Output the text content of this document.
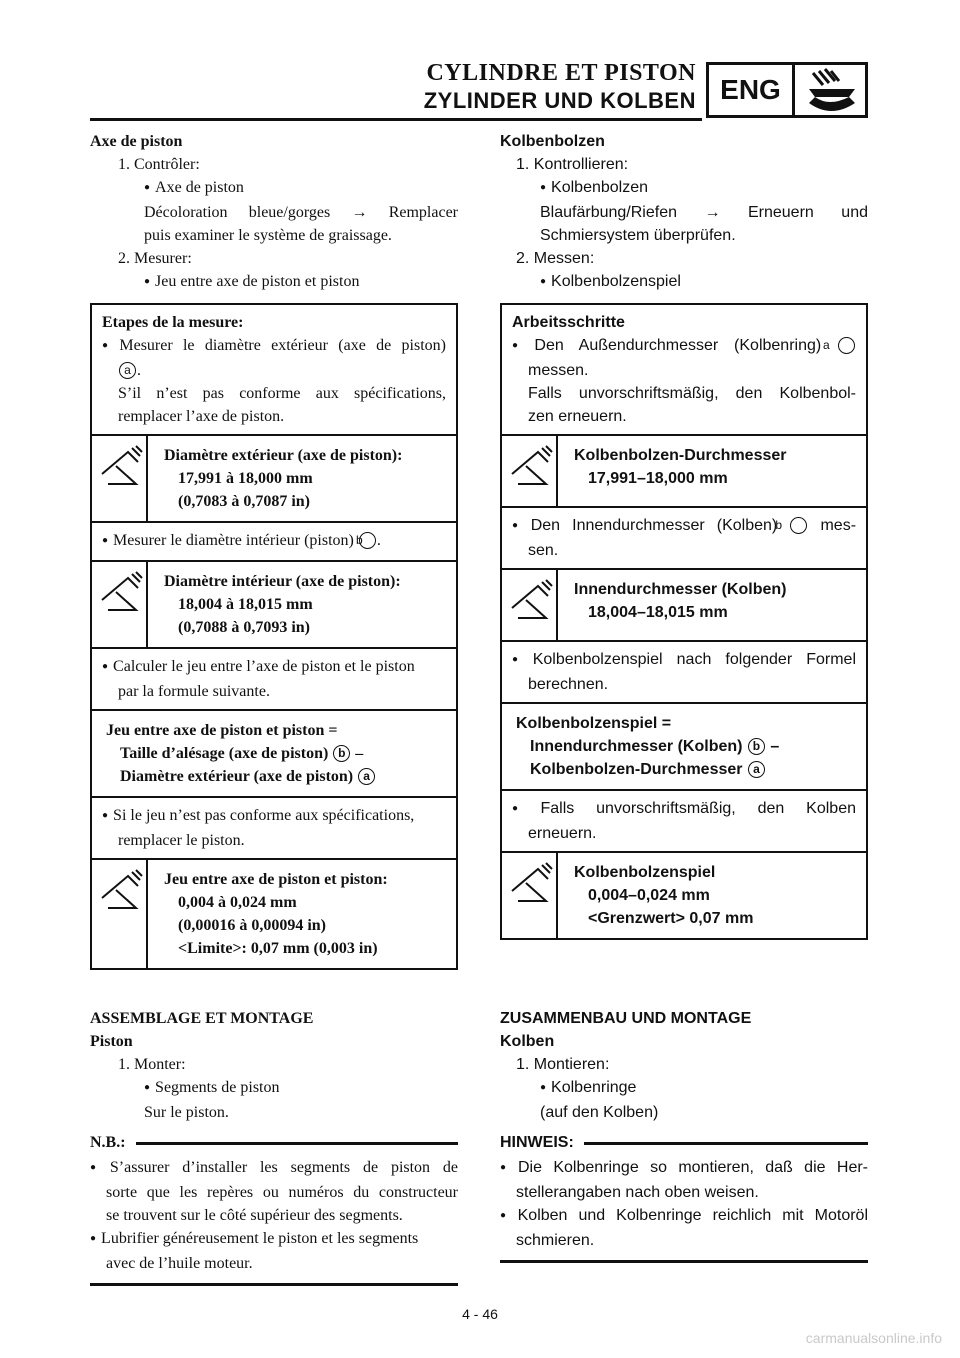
CYLINDRE ET PISTON
ZYLINDER UND KOLBEN ENG
Axe de piston
1. Contrôler:
● Axe de piston
Décoloration bleue/gorges → Remplacer
puis examiner le système de graissage.
2. Mesurer:
● Jeu entre axe de piston et piston
Etapes de la mesure:
● Mesurer le diamètre extérieur (axe de piston)
a .
S’il n’est pas conforme aux spécifications,
remplacer l’axe de piston.
Diamètre extérieur (axe de piston):
17,991 à 18,000 mm
(0,7083 à 0,7087 in)
● Mesurer le diamètre intérieur (piston) b .
Diamètre intérieur (axe de piston):
18,004 à 18,015 mm
(0,7088 à 0,7093 in)
● Calculer le jeu entre l’axe de piston et le piston
par la formule suivante.
Jeu entre axe de piston et piston =
Taille d’alésage (axe de piston) b –
Diamètre extérieur (axe de piston) a
● Si le jeu n’est pas conforme aux spécifications,
remplacer le piston.
Jeu entre axe de piston et piston:
0,004 à 0,024 mm
(0,00016 à 0,00094 in)
<Limite>: 0,07 mm (0,003 in)
ASSEMBLAGE ET MONTAGE
Piston
1. Monter:
● Segments de piston
Sur le piston.
N.B.:
● S’assurer d’installer les segments de piston de
sorte que les repères ou numéros du constructeur
se trouvent sur le côté supérieur des segments.
● Lubrifier généreusement le piston et les segments
avec de l’huile moteur.
Kolbenbolzen
1. Kontrollieren:
● Kolbenbolzen
Blaufärbung/Riefen → Erneuern und
Schmiersystem überprüfen.
2. Messen:
● Kolbenbolzenspiel
Arbeitsschritte
● Den Außendurchmesser (Kolbenring) a
messen.
Falls unvorschriftsmäßig, den Kolbenbol-
zen erneuern.
Kolbenbolzen-Durchmesser
17,991–18,000 mm
● Den Innendurchmesser (Kolben) b mes-
sen.
Innendurchmesser (Kolben)
18,004–18,015 mm
● Kolbenbolzenspiel nach folgender Formel
berechnen.
Kolbenbolzenspiel =
Innendurchmesser (Kolben) b –
Kolbenbolzen-Durchmesser a
● Falls unvorschriftsmäßig, den Kolben
erneuern.
Kolbenbolzenspiel
0,004–0,024 mm
<Grenzwert> 0,07 mm
ZUSAMMENBAU UND MONTAGE
Kolben
1. Montieren:
● Kolbenringe
(auf den Kolben)
HINWEIS:
● Die Kolbenringe so montieren, daß die Her-
stellerangaben nach oben weisen.
● Kolben und Kolbenringe reichlich mit Motoröl
schmieren.
4 - 46
carmanualsonline.info
